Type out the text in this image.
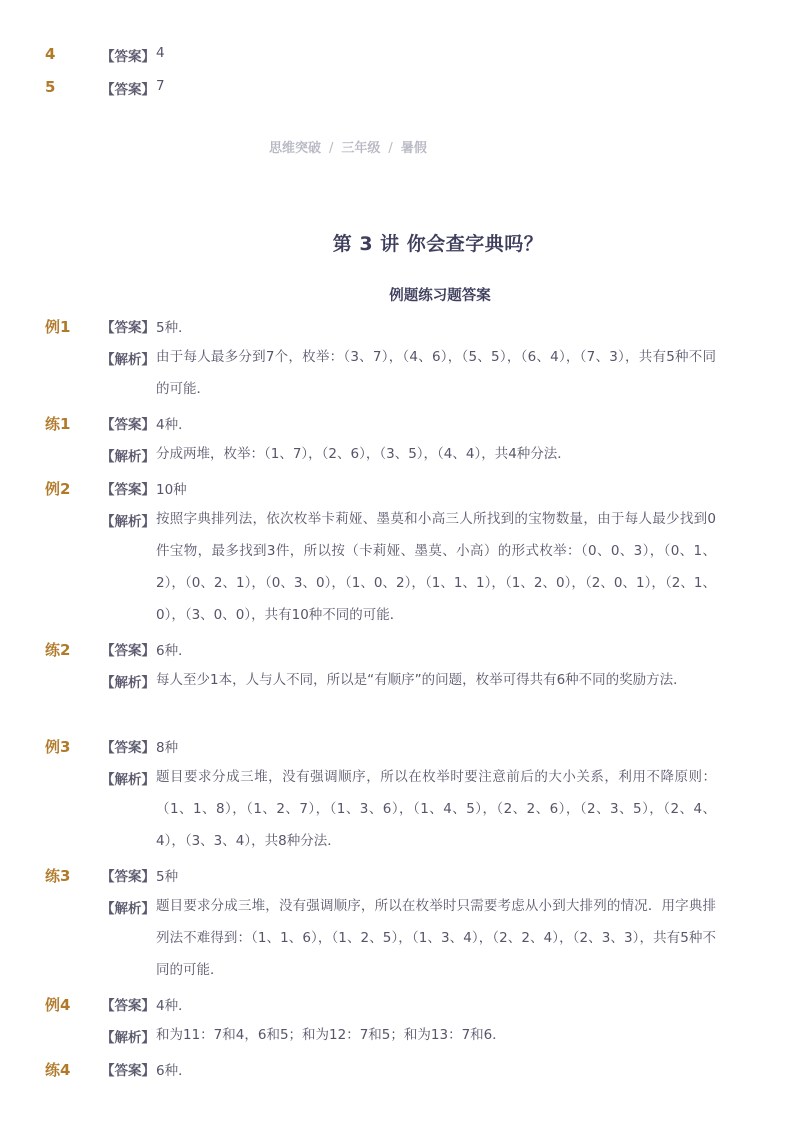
4	【答案】 4
5	【答案】 7
思维突破 / 三年级 / 暑假
第 3 讲 你会查字典吗？
例题练习题答案
例1 【答案】 5种．
【解析】 由于每人最多分到7个，枚举：（3、7），（4、6），（5、5），（6、4），（7、3），共有5种不同的可能．
练1 【答案】 4种．
【解析】 分成两堆，枚举：（1、7），（2、6），（3、5），（4、4），共4种分法．
例2 【答案】 10种
【解析】 按照字典排列法，依次枚举卡莉娅、墨莫和小高三人所找到的宝物数量，由于每人最少找到0件宝物，最多找到3件，所以按（卡莉娅、墨莫、小高）的形式枚举：（0、0、3），（0、1、2），（0、2、1），（0、3、0），（1、0、2），（1、1、1），（1、2、0），（2、0、1），（2、1、0），（3、0、0），共有10种不同的可能．
练2 【答案】 6种．
【解析】 每人至少1本，人与人不同，所以是“有顺序”的问题，枚举可得共有6种不同的奖励方法．
例3 【答案】 8种
【解析】 题目要求分成三堆，没有强调顺序，所以在枚举时要注意前后的大小关系，利用不降原则：（1、1、8），（1、2、7），（1、3、6），（1、4、5），（2、2、6），（2、3、5），（2、4、4），（3、3、4），共8种分法．
练3 【答案】 5种
【解析】 题目要求分成三堆，没有强调顺序，所以在枚举时只需要考虑从小到大排列的情况．用字典排列法不难得到：（1、1、6），（1、2、5），（1、3、4），（2、2、4），（2、3、3），共有5种不同的可能．
例4 【答案】 4种．
【解析】 和为11：7和4，6和5；和为12：7和5；和为13：7和6．
练4 【答案】 6种．
